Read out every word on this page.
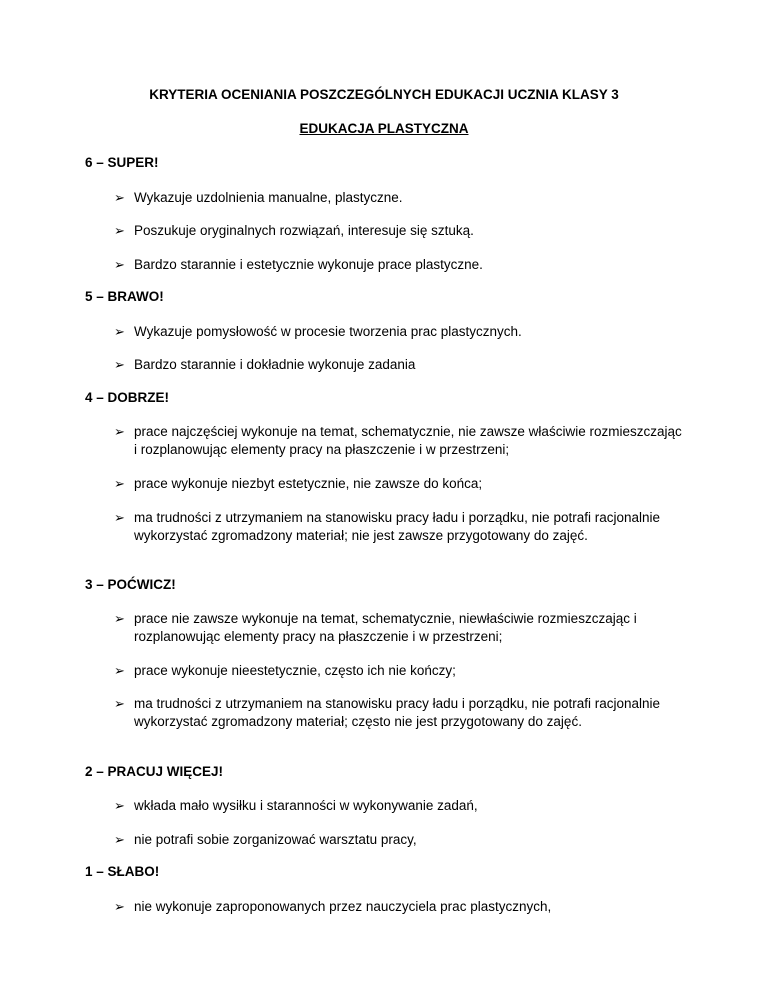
KRYTERIA OCENIANIA POSZCZEGÓLNYCH EDUKACJI UCZNIA KLASY 3
EDUKACJA PLASTYCZNA
6 – SUPER!
➢ Wykazuje uzdolnienia manualne, plastyczne.
➢ Poszukuje oryginalnych rozwiązań, interesuje się sztuką.
➢ Bardzo starannie i estetycznie wykonuje prace plastyczne.
5 – BRAWO!
➢ Wykazuje pomysłowość w procesie tworzenia prac plastycznych.
➢ Bardzo starannie i dokładnie wykonuje zadania
4 – DOBRZE!
➢ prace najczęściej wykonuje na temat, schematycznie, nie zawsze właściwie rozmieszczając i rozplanowując elementy pracy na płaszczenie i w przestrzeni;
➢ prace wykonuje niezbyt estetycznie, nie zawsze do końca;
➢ ma trudności z utrzymaniem na stanowisku pracy ładu i porządku, nie potrafi racjonalnie wykorzystać zgromadzony materiał; nie jest zawsze przygotowany do zajęć.
3 – POĆWICZ!
➢ prace nie zawsze wykonuje na temat, schematycznie, niewłaściwie rozmieszczając i rozplanowując elementy pracy na płaszczenie i w przestrzeni;
➢ prace wykonuje nieestetycznie, często ich nie kończy;
➢ ma trudności z utrzymaniem na stanowisku pracy ładu i porządku, nie potrafi racjonalnie wykorzystać zgromadzony materiał; często nie jest przygotowany do zajęć.
2 – PRACUJ WIĘCEJ!
➢ wkłada mało wysiłku i staranności w wykonywanie zadań,
➢ nie potrafi sobie zorganizować warsztatu pracy,
1 – SŁABO!
➢ nie wykonuje zaproponowanych przez nauczyciela prac plastycznych,
